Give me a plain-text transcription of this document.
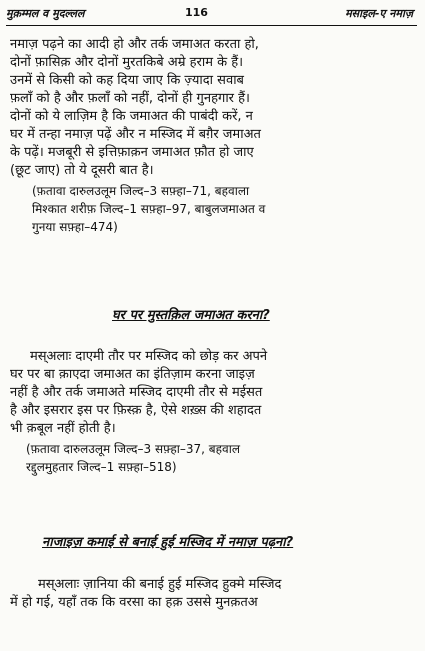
मुक़म्मल व मुदल्लल	116	मसाइल-ए नमाज़
नमाज़ पढ़ने का आदी हो और तर्क जमाअत करता हो,
दोनों फ़ासिक़ और दोनों मुरतकिबे अम्रे हराम के हैं।
उनमें से किसी को कह दिया जाए कि ज़्यादा सवाब
फ़लाँ को है और फ़लाँ को नहीं, दोनों ही गुनहगार हैं।
दोनों को ये लाज़िम है कि जमाअत की पाबंदी करें, न
घर में तन्हा नमाज़ पढ़ें और न मस्जिद में बग़ैर जमाअत
के पढ़ें। मजबूरी से इत्तिफ़ाक़न जमाअत फ़ौत हो जाए
(छूट जाए) तो ये दूसरी बात है।
(फ़तावा दारुलउलूम जिल्द–3 सफ़्हा–71, बहवाला
मिश्कात शरीफ़ जिल्द–1 सफ़्हा–97, बाबुलजमाअत व
गुनया सफ़्हा–474)
घर पर मुस्तक़िल जमाअत करना?
मस्अलाः दाएमी तौर पर मस्जिद को छोड़ कर अपने
घर पर बा क़ाएदा जमाअत का इंतिज़ाम करना जाइज़
नहीं है और तर्क जमाअते मस्जिद दाएमी तौर से मईसत
है और इसरार इस पर फ़िस्क़ है, ऐसे शख़्स की शहादत
भी क़बूल नहीं होती है।
(फ़तावा दारुलउलूम जिल्द–3 सफ़्हा–37, बहवाल
रद्दुलमुहतार जिल्द–1 सफ़्हा–518)
नाजाइज़ कमाई से बनाई हुई मस्जिद में नमाज़ पढ़ना?
मस्अलाः ज़ानिया की बनाई हुई मस्जिद हुक्मे मस्जिद
में हो गई, यहाँ तक कि वरसा का हक़ उससे मुनक़तअ
